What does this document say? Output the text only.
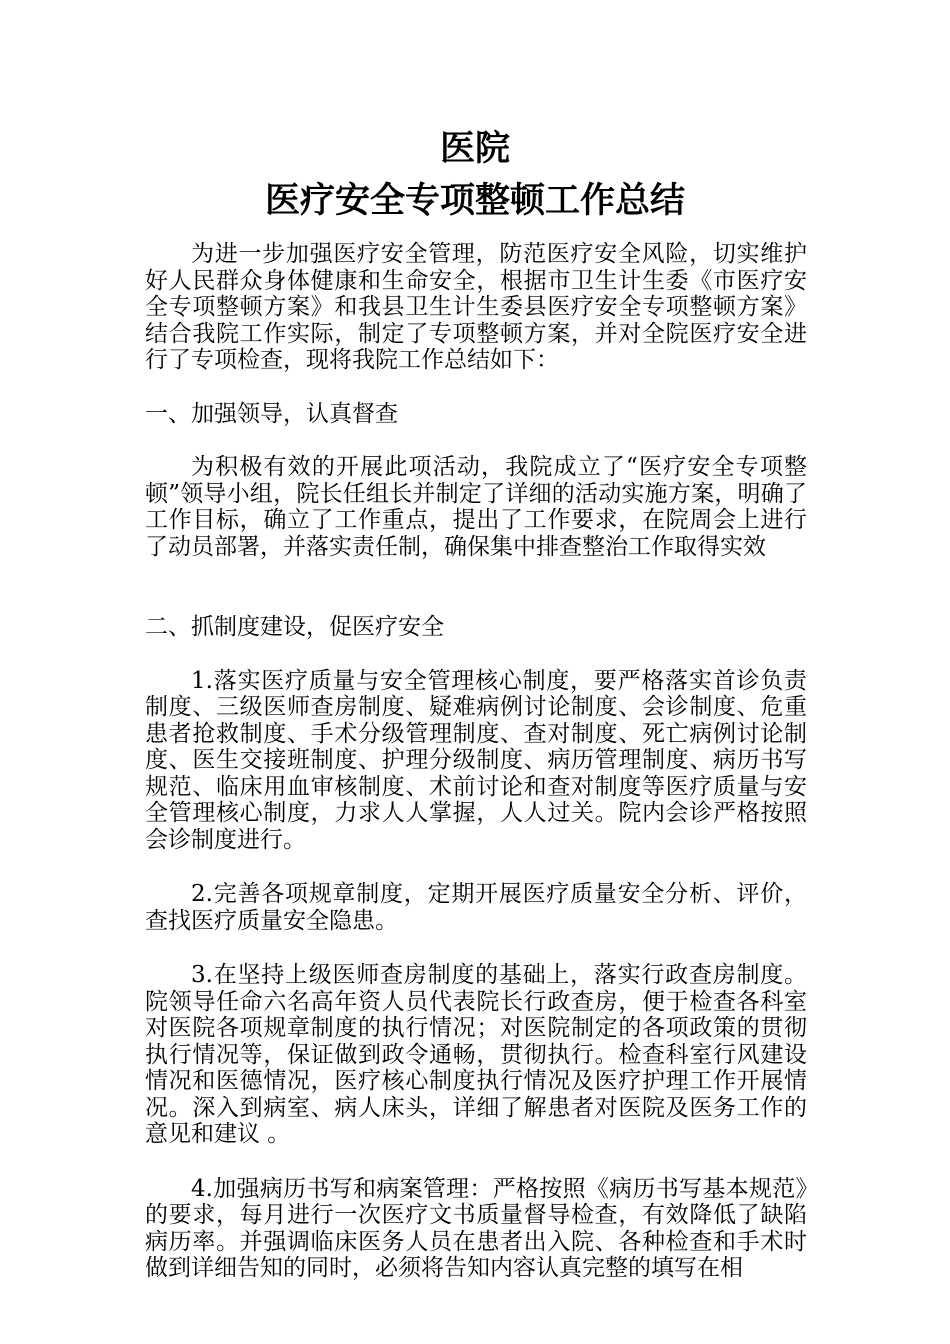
医院
医疗安全专项整顿工作总结

为进一步加强医疗安全管理，防范医疗安全风险，切实维护好人民群众身体健康和生命安全，根据市卫生计生委《市医疗安全专项整顿方案》和我县卫生计生委县医疗安全专项整顿方案》结合我院工作实际，制定了专项整顿方案，并对全院医疗安全进行了专项检查，现将我院工作总结如下：

一、加强领导，认真督查

为积极有效的开展此项活动，我院成立了“医疗安全专项整顿”领导小组，院长任组长并制定了详细的活动实施方案，明确了工作目标，确立了工作重点，提出了工作要求，在院周会上进行了动员部署，并落实责任制，确保集中排查整治工作取得实效

二、抓制度建设，促医疗安全

1.落实医疗质量与安全管理核心制度，要严格落实首诊负责制度、三级医师查房制度、疑难病例讨论制度、会诊制度、危重患者抢救制度、手术分级管理制度、查对制度、死亡病例讨论制度、医生交接班制度、护理分级制度、病历管理制度、病历书写规范、临床用血审核制度、术前讨论和查对制度等医疗质量与安全管理核心制度，力求人人掌握，人人过关。院内会诊严格按照会诊制度进行。

2.完善各项规章制度，定期开展医疗质量安全分析、评价，查找医疗质量安全隐患。

3.在坚持上级医师查房制度的基础上，落实行政查房制度。院领导任命六名高年资人员代表院长行政查房，便于检查各科室对医院各项规章制度的执行情况；对医院制定的各项政策的贯彻执行情况等，保证做到政令通畅，贯彻执行。检查科室行风建设情况和医德情况，医疗核心制度执行情况及医疗护理工作开展情况。深入到病室、病人床头，详细了解患者对医院及医务工作的意见和建议 。

4.加强病历书写和病案管理：严格按照《病历书写基本规范》的要求，每月进行一次医疗文书质量督导检查，有效降低了缺陷病历率。并强调临床医务人员在患者出入院、各种检查和手术时做到详细告知的同时，必须将告知内容认真完整的填写在相
